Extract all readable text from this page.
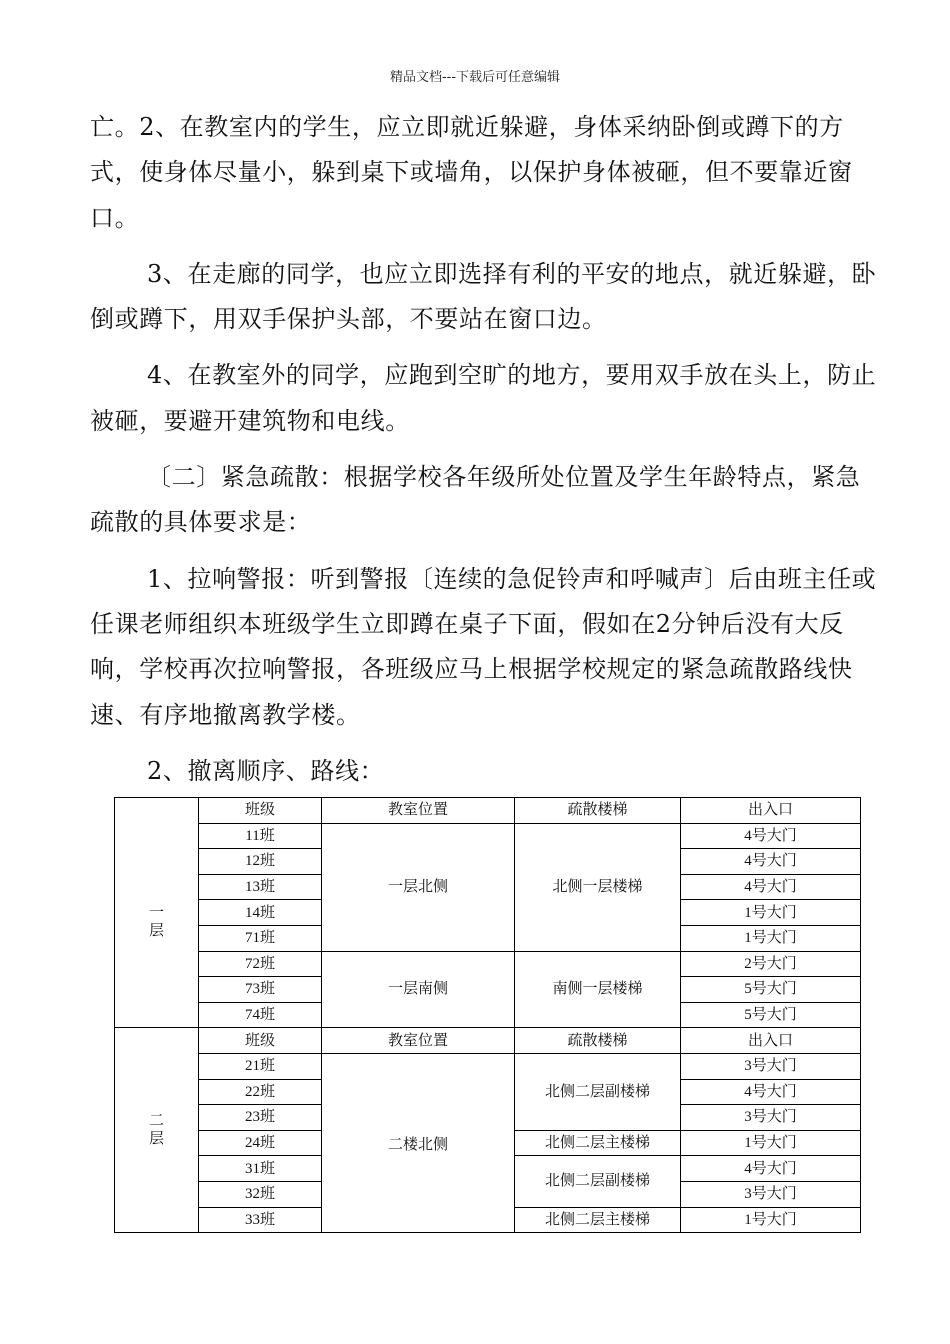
精品文档---下载后可任意编辑

亡。2、在教室内的学生，应立即就近躲避，身体采纳卧倒或蹲下的方式，使身体尽量小，躲到桌下或墙角，以保护身体被砸，但不要靠近窗口。

3、在走廊的同学，也应立即选择有利的平安的地点，就近躲避，卧倒或蹲下，用双手保护头部，不要站在窗口边。

4、在教室外的同学，应跑到空旷的地方，要用双手放在头上，防止被砸，要避开建筑物和电线。

〔二〕紧急疏散：根据学校各年级所处位置及学生年龄特点，紧急疏散的具体要求是：

1、拉响警报：听到警报〔连续的急促铃声和呼喊声〕后由班主任或任课老师组织本班级学生立即蹲在桌子下面，假如在2分钟后没有大反响，学校再次拉响警报，各班级应马上根据学校规定的紧急疏散路线快速、有序地撤离教学楼。

2、撤离顺序、路线：

一
层	班级	教室位置	疏散楼梯	出入口
	11班	一层北侧	北侧一层楼梯	4号大门
	12班			4号大门
	13班			4号大门
	14班			1号大门
	71班			1号大门
	72班	一层南侧	南侧一层楼梯	2号大门
	73班			5号大门
	74班			5号大门
二
层	班级	教室位置	疏散楼梯	出入口
	21班	二楼北侧	北侧二层副楼梯	3号大门
	22班			4号大门
	23班			3号大门
	24班		北侧二层主楼梯	1号大门
	31班		北侧二层副楼梯	4号大门
	32班			3号大门
	33班		北侧二层主楼梯	1号大门
